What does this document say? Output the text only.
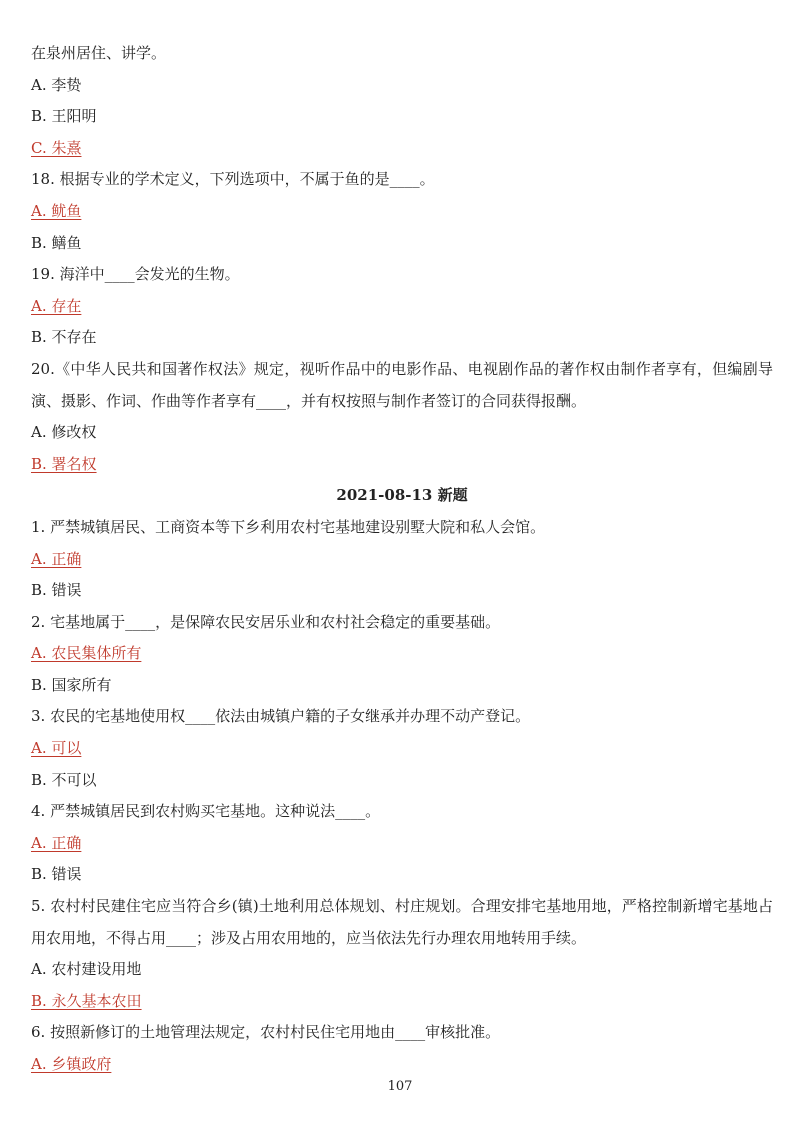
在泉州居住、讲学。

A. 李贽

B. 王阳明

C. 朱熹

18. 根据专业的学术定义，下列选项中，不属于鱼的是____。

A. 鱿鱼

B. 鳝鱼

19. 海洋中____会发光的生物。

A. 存在

B. 不存在

20.《中华人民共和国著作权法》规定，视听作品中的电影作品、电视剧作品的著作权由制作者享有，但编剧导演、摄影、作词、作曲等作者享有____，并有权按照与制作者签订的合同获得报酬。

A. 修改权

B. 署名权

2021-08-13 新题

1. 严禁城镇居民、工商资本等下乡利用农村宅基地建设别墅大院和私人会馆。

A. 正确

B. 错误

2. 宅基地属于____，是保障农民安居乐业和农村社会稳定的重要基础。

A. 农民集体所有

B. 国家所有

3. 农民的宅基地使用权____依法由城镇户籍的子女继承并办理不动产登记。

A. 可以

B. 不可以

4. 严禁城镇居民到农村购买宅基地。这种说法____。

A. 正确

B. 错误

5. 农村村民建住宅应当符合乡(镇)土地利用总体规划、村庄规划。合理安排宅基地用地，严格控制新增宅基地占用农用地，不得占用____；涉及占用农用地的，应当依法先行办理农用地转用手续。

A. 农村建设用地

B. 永久基本农田

6. 按照新修订的土地管理法规定，农村村民住宅用地由____审核批准。

A. 乡镇政府

107
